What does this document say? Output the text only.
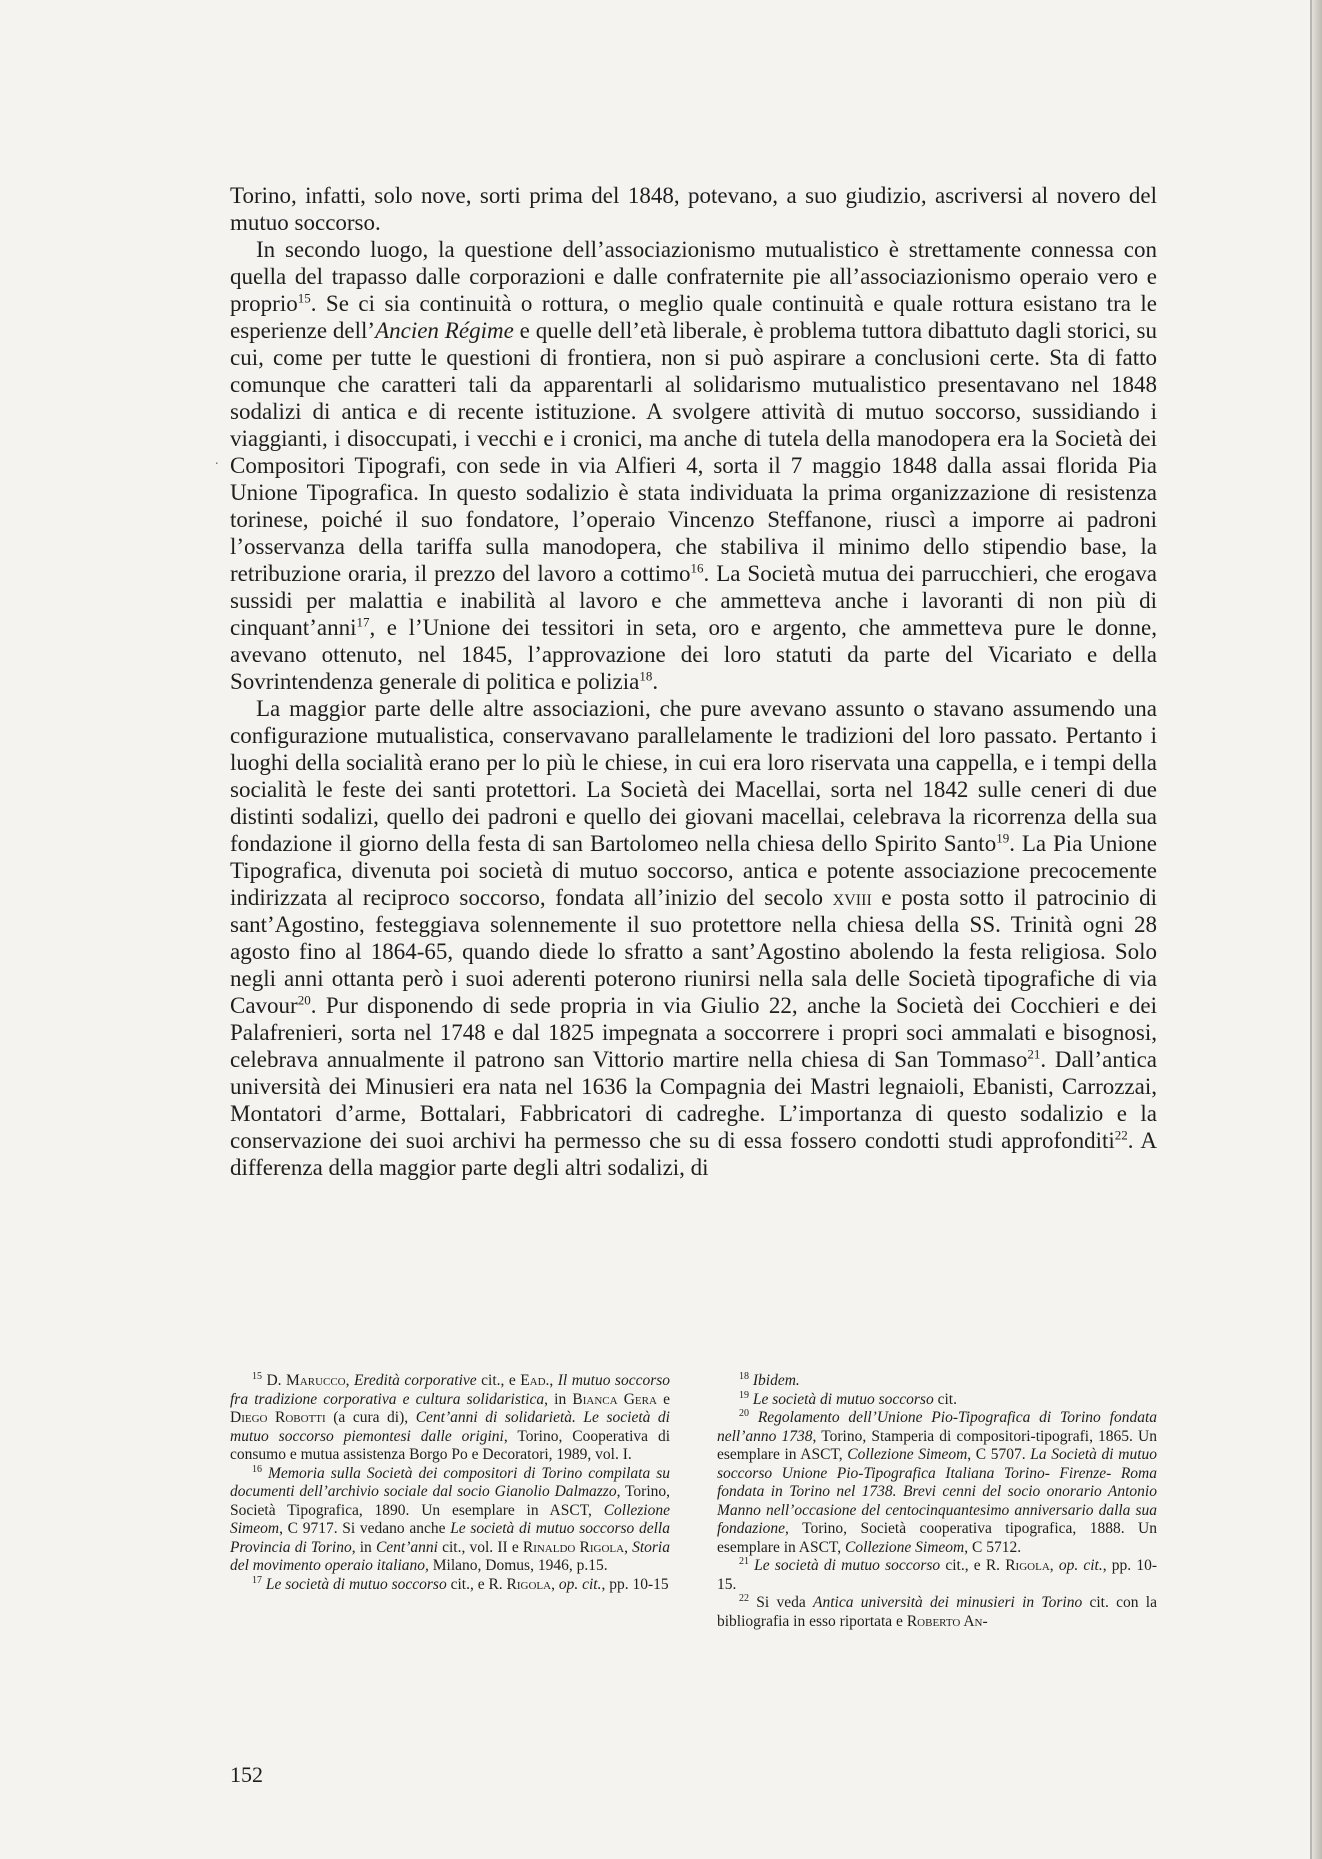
.

Torino, infatti, solo nove, sorti prima del 1848, potevano, a suo giudizio, ascriversi al novero del mutuo soccorso.

In secondo luogo, la questione dell’associazionismo mutualistico è strettamente connessa con quella del trapasso dalle corporazioni e dalle confraternite pie all’associazionismo operaio vero e proprio$^{15}$. Se ci sia continuità o rottura, o meglio quale continuità e quale rottura esistano tra le esperienze dell’Ancien Régime e quelle dell’età liberale, è problema tuttora dibattuto dagli storici, su cui, come per tutte le questioni di frontiera, non si può aspirare a conclusioni certe. Sta di fatto comunque che caratteri tali da apparentarli al solidarismo mutualistico presentavano nel 1848 sodalizi di antica e di recente istituzione. A svolgere attività di mutuo soccorso, sussidiando i viaggianti, i disoccupati, i vecchi e i cronici, ma anche di tutela della manodopera era la Società dei Compositori Tipografi, con sede in via Alfieri 4, sorta il 7 maggio 1848 dalla assai florida Pia Unione Tipografica. In questo sodalizio è stata individuata la prima organizzazione di resistenza torinese, poiché il suo fondatore, l’operaio Vincenzo Steffanone, riuscì a imporre ai padroni l’osservanza della tariffa sulla manodopera, che stabiliva il minimo dello stipendio base, la retribuzione oraria, il prezzo del lavoro a cottimo$^{16}$. La Società mutua dei parrucchieri, che erogava sussidi per malattia e inabilità al lavoro e che ammetteva anche i lavoranti di non più di cinquant’anni$^{17}$, e l’Unione dei tessitori in seta, oro e argento, che ammetteva pure le donne, avevano ottenuto, nel 1845, l’approvazione dei loro statuti da parte del Vicariato e della Sovrintendenza generale di politica e polizia$^{18}$.

La maggior parte delle altre associazioni, che pure avevano assunto o stavano assumendo una configurazione mutualistica, conservavano parallelamente le tradizioni del loro passato. Pertanto i luoghi della socialità erano per lo più le chiese, in cui era loro riservata una cappella, e i tempi della socialità le feste dei santi protettori. La Società dei Macellai, sorta nel 1842 sulle ceneri di due distinti sodalizi, quello dei padroni e quello dei giovani macellai, celebrava la ricorrenza della sua fondazione il giorno della festa di san Bartolomeo nella chiesa dello Spirito Santo$^{19}$. La Pia Unione Tipografica, divenuta poi società di mutuo soccorso, antica e potente associazione precocemente indirizzata al reciproco soccorso, fondata all’inizio del secolo xviii e posta sotto il patrocinio di sant’Agostino, festeggiava solennemente il suo protettore nella chiesa della SS. Trinità ogni 28 agosto fino al 1864-65, quando diede lo sfratto a sant’Agostino abolendo la festa religiosa. Solo negli anni ottanta però i suoi aderenti poterono riunirsi nella sala delle Società tipografiche di via Cavour$^{20}$. Pur disponendo di sede propria in via Giulio 22, anche la Società dei Cocchieri e dei Palafrenieri, sorta nel 1748 e dal 1825 impegnata a soccorrere i propri soci ammalati e bisognosi, celebrava annualmente il patrono san Vittorio martire nella chiesa di San Tommaso$^{21}$. Dall’antica università dei Minusieri era nata nel 1636 la Compagnia dei Mastri legnaioli, Ebanisti, Carrozzai, Montatori d’arme, Bottalari, Fabbricatori di cadreghe. L’importanza di questo sodalizio e la conservazione dei suoi archivi ha permesso che su di essa fossero condotti studi approfonditi$^{22}$. A differenza della maggior parte degli altri sodalizi, di

$^{15}$ D. Marucco, Eredità corporative cit., e Ead., Il mutuo soccorso fra tradizione corporativa e cultura solidaristica, in Bianca Gera e Diego Robotti (a cura di), Cent’anni di solidarietà. Le società di mutuo soccorso piemontesi dalle origini, Torino, Cooperativa di consumo e mutua assistenza Borgo Po e Decoratori, 1989, vol. I.

$^{16}$ Memoria sulla Società dei compositori di Torino compilata su documenti dell’archivio sociale dal socio Gianolio Dalmazzo, Torino, Società Tipografica, 1890. Un esemplare in ASCT, Collezione Simeom, C 9717. Si vedano anche Le società di mutuo soccorso della Provincia di Torino, in Cent’anni cit., vol. II e Rinaldo Rigola, Storia del movimento operaio italiano, Milano, Domus, 1946, p.15.

$^{17}$ Le società di mutuo soccorso cit., e R. Rigola, op. cit., pp. 10-15

$^{18}$ Ibidem.

$^{19}$ Le società di mutuo soccorso cit.

$^{20}$ Regolamento dell’Unione Pio-Tipografica di Torino fondata nell’anno 1738, Torino, Stamperia di compositori-tipografi, 1865. Un esemplare in ASCT, Collezione Simeom, C 5707. La Società di mutuo soccorso Unione Pio-Tipografica Italiana Torino- Firenze- Roma fondata in Torino nel 1738. Brevi cenni del socio onorario Antonio Manno nell’occasione del centocinquantesimo anniversario dalla sua fondazione, Torino, Società cooperativa tipografica, 1888. Un esemplare in ASCT, Collezione Simeom, C 5712.

$^{21}$ Le società di mutuo soccorso cit., e R. Rigola, op. cit., pp. 10-15.

$^{22}$ Si veda Antica università dei minusieri in Torino cit. con la bibliografia in esso riportata e Roberto An-

152
